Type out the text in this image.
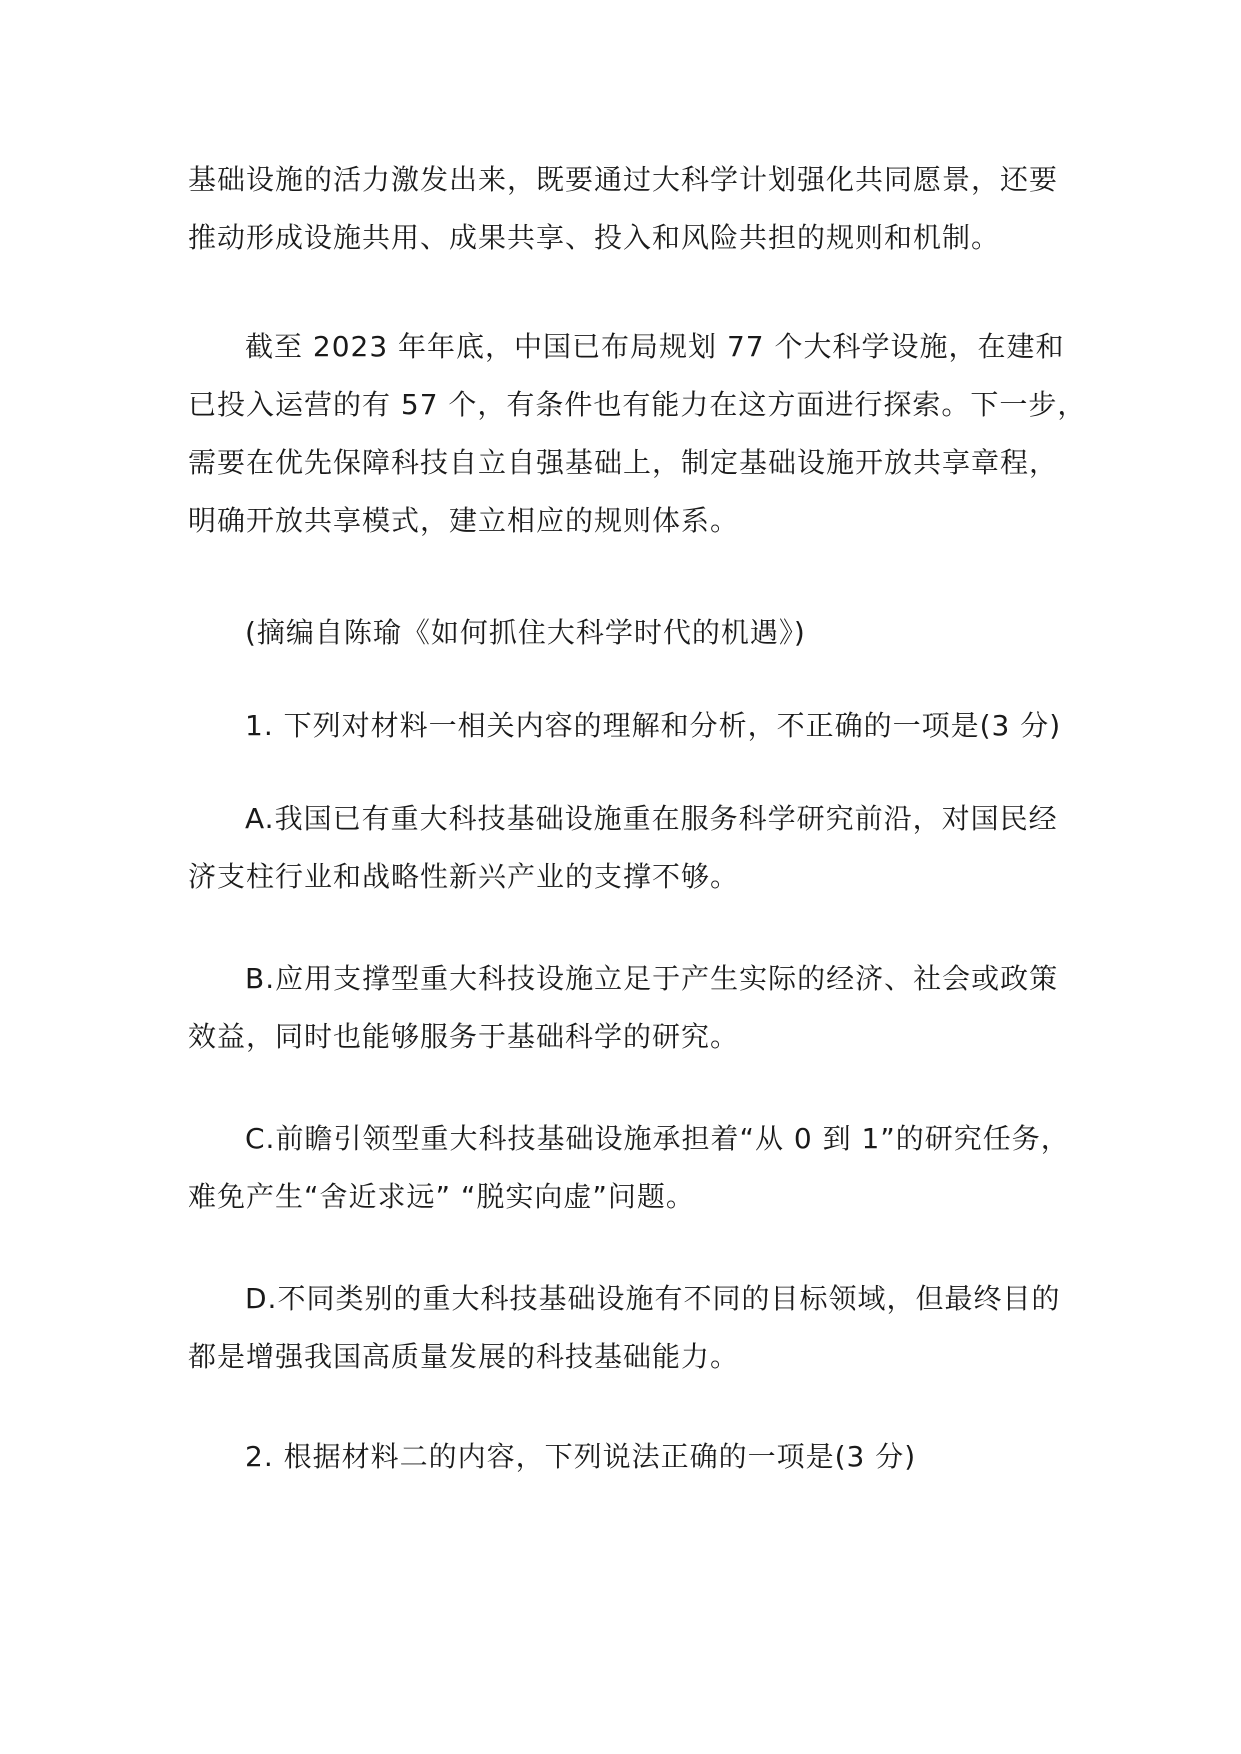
基础设施的活力激发出来，既要通过大科学计划强化共同愿景，还要
推动形成设施共用、成果共享、投入和风险共担的规则和机制。
截至 2023 年年底，中国已布局规划 77 个大科学设施，在建和
已投入运营的有 57 个，有条件也有能力在这方面进行探索。下一步，
需要在优先保障科技自立自强基础上，制定基础设施开放共享章程，
明确开放共享模式，建立相应的规则体系。
(摘编自陈瑜《如何抓住大科学时代的机遇》)
1. 下列对材料一相关内容的理解和分析，不正确的一项是(3 分)
A.我国已有重大科技基础设施重在服务科学研究前沿，对国民经
济支柱行业和战略性新兴产业的支撑不够。
B.应用支撑型重大科技设施立足于产生实际的经济、社会或政策
效益，同时也能够服务于基础科学的研究。
C.前瞻引领型重大科技基础设施承担着“从 0 到 1”的研究任务，
难免产生“舍近求远” “脱实向虚”问题。
D.不同类别的重大科技基础设施有不同的目标领域，但最终目的
都是增强我国高质量发展的科技基础能力。
2. 根据材料二的内容，下列说法正确的一项是(3 分)
